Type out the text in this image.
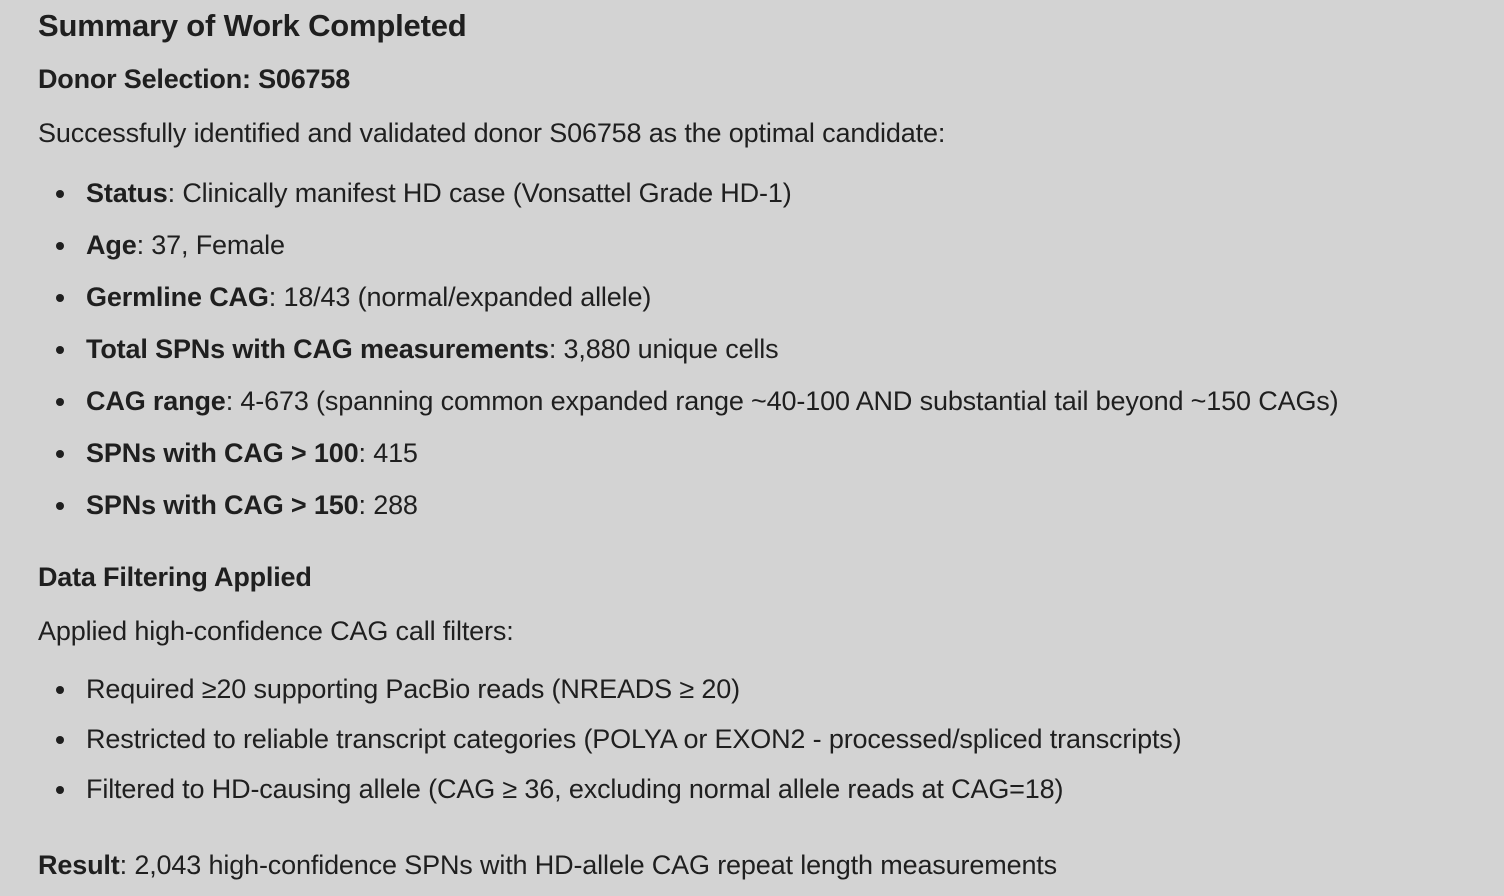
Summary of Work Completed
Donor Selection: S06758

Successfully identified and validated donor S06758 as the optimal candidate:

Status: Clinically manifest HD case (Vonsattel Grade HD-1)
Age: 37, Female
Germline CAG: 18/43 (normal/expanded allele)
Total SPNs with CAG measurements: 3,880 unique cells
CAG range: 4-673 (spanning common expanded range ~40-100 AND substantial tail beyond ~150 CAGs)
SPNs with CAG > 100: 415
SPNs with CAG > 150: 288
Data Filtering Applied

Applied high-confidence CAG call filters:

Required ≥20 supporting PacBio reads (NREADS ≥ 20)
Restricted to reliable transcript categories (POLYA or EXON2 - processed/spliced transcripts)
Filtered to HD-causing allele (CAG ≥ 36, excluding normal allele reads at CAG=18)

Result: 2,043 high-confidence SPNs with HD-allele CAG repeat length measurements
